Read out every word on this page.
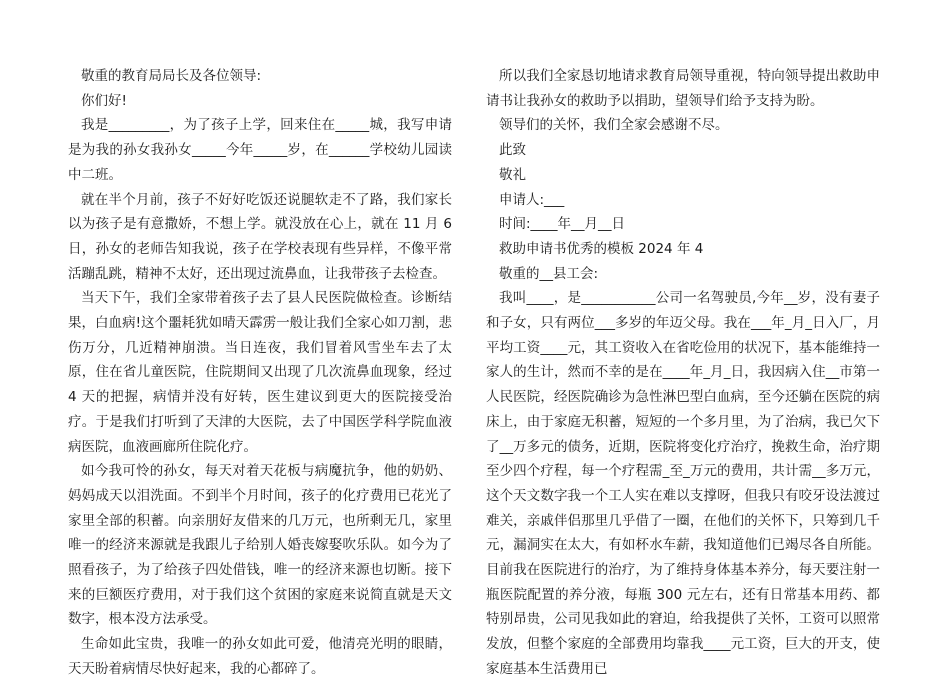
敬重的教育局局长及各位领导:

你们好!

我是_________，为了孩子上学，回来住在_____城，我写申请是为我的孙女我孙女_____今年_____岁，在______学校幼儿园读中二班。

就在半个月前，孩子不好好吃饭还说腿软走不了路，我们家长以为孩子是有意撒娇，不想上学。就没放在心上，就在 11 月 6 日，孙女的老师告知我说，孩子在学校表现有些异样，不像平常活蹦乱跳，精神不太好，还出现过流鼻血，让我带孩子去检查。

当天下午，我们全家带着孩子去了县人民医院做检查。诊断结果，白血病!这个噩耗犹如晴天霹雳一般让我们全家心如刀割，悲伤万分，几近精神崩溃。当日连夜，我们冒着风雪坐车去了太原，住在省儿童医院，住院期间又出现了几次流鼻血现象，经过 4 天的把握，病情并没有好转，医生建议到更大的医院接受治疗。于是我们打听到了天津的大医院，去了中国医学科学院血液病医院，血液画廊所住院化疗。

如今我可怜的孙女，每天对着天花板与病魔抗争，他的奶奶、妈妈成天以泪洗面。不到半个月时间，孩子的化疗费用已花光了家里全部的积蓄。向亲朋好友借来的几万元，也所剩无几，家里唯一的经济来源就是我跟儿子给别人婚丧嫁娶吹乐队。如今为了照看孩子，为了给孩子四处借钱，唯一的经济来源也切断。接下来的巨额医疗费用，对于我们这个贫困的家庭来说简直就是天文数字，根本没方法承受。

生命如此宝贵，我唯一的孙女如此可爱，他清亮光明的眼睛，天天盼着病情尽快好起来，我的心都碎了。

所以我们全家恳切地请求教育局领导重视，特向领导提出救助申请书让我孙女的救助予以捐助，望领导们给予支持为盼。

领导们的关怀，我们全家会感谢不尽。

此致

敬礼

申请人:___

时间:____年__月__日

救助申请书优秀的模板 2024 年 4

敬重的__县工会:

我叫____，是___________公司一名驾驶员,今年__岁，没有妻子和子女，只有两位___多岁的年迈父母。我在___年_月_日入厂，月平均工资____元，其工资收入在省吃俭用的状况下，基本能维持一家人的生计，然而不幸的是在____年_月_日，我因病入住__市第一人民医院，经医院确诊为急性淋巴型白血病，至今还躺在医院的病床上，由于家庭无积蓄，短短的一个多月里，为了治病，我已欠下了__万多元的债务，近期，医院将变化疗治疗，挽救生命，治疗期至少四个疗程，每一个疗程需_至_万元的费用，共计需__多万元，这个天文数字我一个工人实在难以支撑呀，但我只有咬牙设法渡过难关，亲戚伴侣那里几乎借了一圈，在他们的关怀下，只筹到几千元，漏洞实在太大，有如杯水车薪，我知道他们已竭尽各自所能。目前我在医院进行的治疗，为了维持身体基本养分，每天要注射一瓶医院配置的养分液，每瓶 300 元左右，还有日常基本用药、都特别昂贵，公司见我如此的窘迫，给我提供了关怀，工资可以照常发放，但整个家庭的全部费用均靠我____元工资，巨大的开支，使家庭基本生活费用已
